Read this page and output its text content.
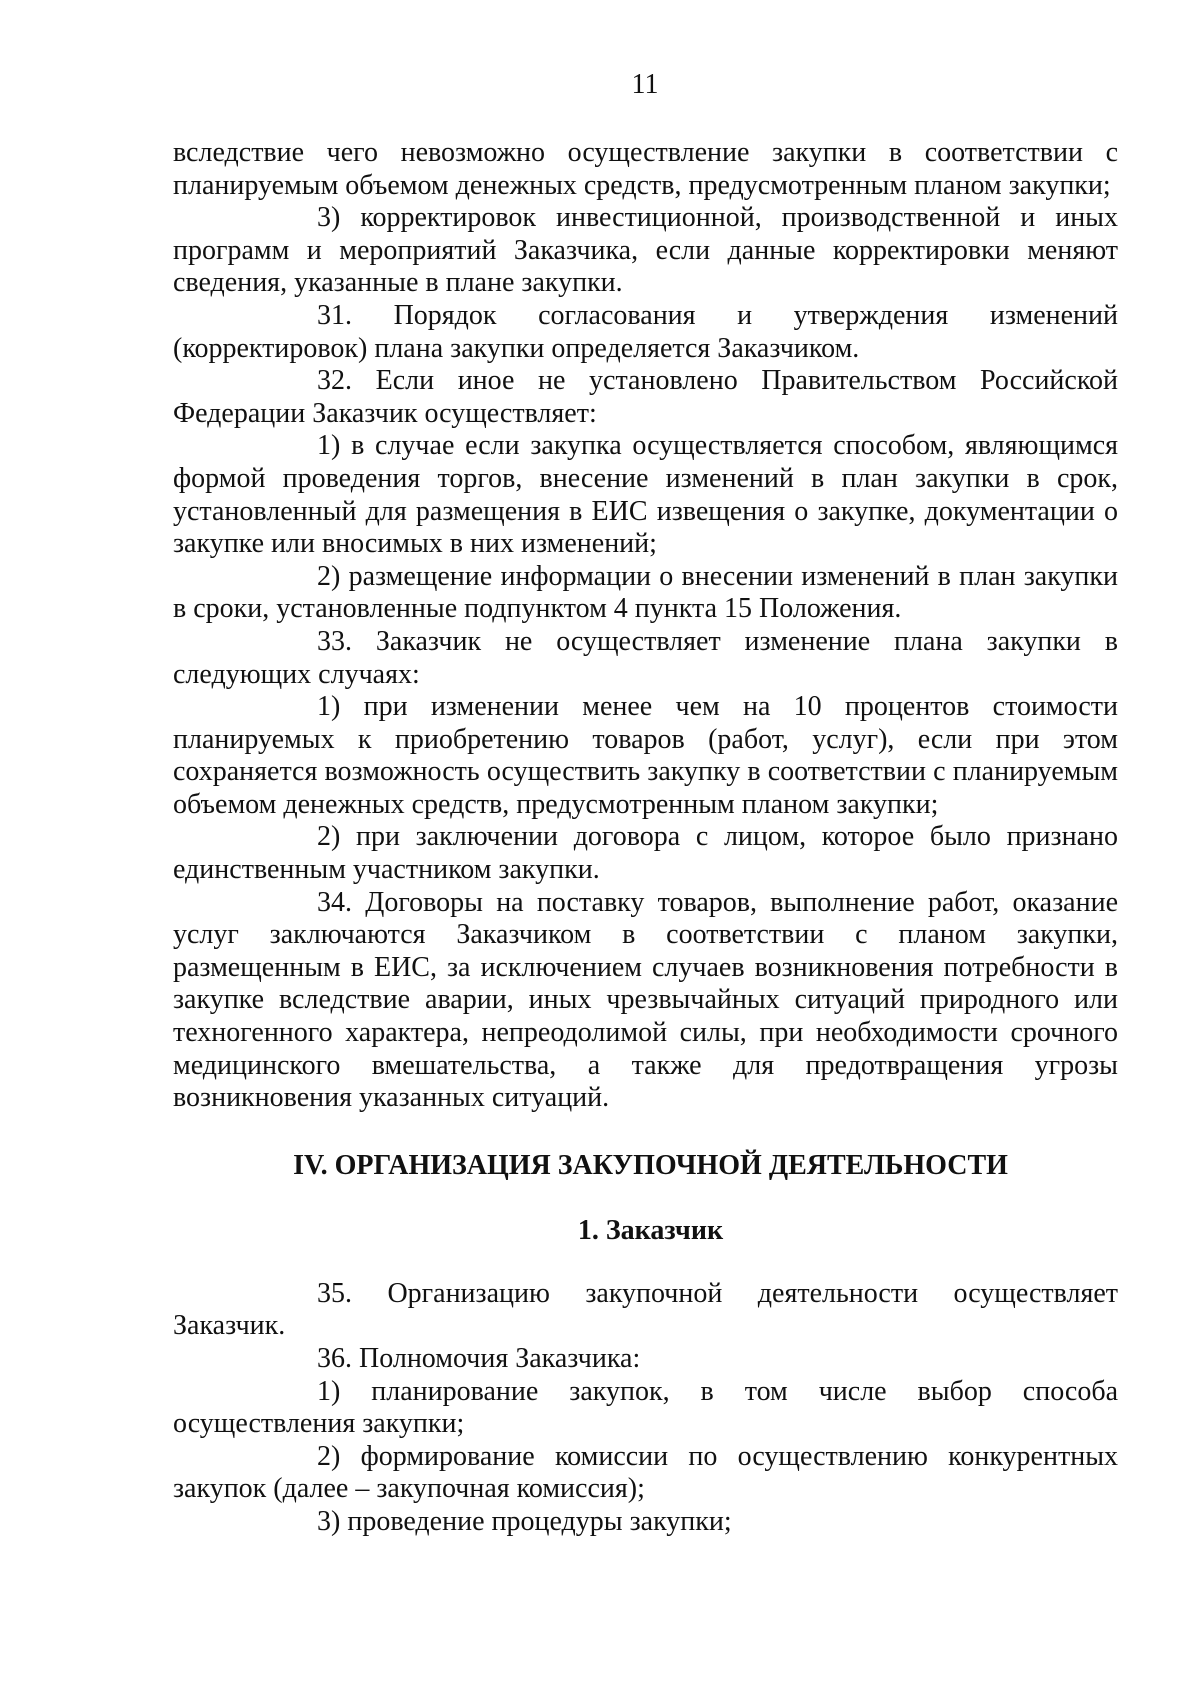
11

вследствие чего невозможно осуществление закупки в соответствии с планируемым объемом денежных средств, предусмотренным планом закупки;

3) корректировок инвестиционной, производственной и иных программ и мероприятий Заказчика, если данные корректировки меняют сведения, указанные в плане закупки.

31. Порядок согласования и утверждения изменений (корректировок) плана закупки определяется Заказчиком.

32. Если иное не установлено Правительством Российской Федерации Заказчик осуществляет:

1) в случае если закупка осуществляется способом, являющимся формой проведения торгов, внесение изменений в план закупки в срок, установленный для размещения в ЕИС извещения о закупке, документации о закупке или вносимых в них изменений;

2) размещение информации о внесении изменений в план закупки в сроки, установленные подпунктом 4 пункта 15 Положения.

33. Заказчик не осуществляет изменение плана закупки в следующих случаях:

1) при изменении менее чем на 10 процентов стоимости планируемых к приобретению товаров (работ, услуг), если при этом сохраняется возможность осуществить закупку в соответствии с планируемым объемом денежных средств, предусмотренным планом закупки;

2) при заключении договора с лицом, которое было признано единственным участником закупки.

34. Договоры на поставку товаров, выполнение работ, оказание услуг заключаются Заказчиком в соответствии с планом закупки, размещенным в ЕИС, за исключением случаев возникновения потребности в закупке вследствие аварии, иных чрезвычайных ситуаций природного или техногенного характера, непреодолимой силы, при необходимости срочного медицинского вмешательства, а также для предотвращения угрозы возникновения указанных ситуаций.

IV. ОРГАНИЗАЦИЯ ЗАКУПОЧНОЙ ДЕЯТЕЛЬНОСТИ
1. Заказчик

35. Организацию закупочной деятельности осуществляет Заказчик.

36. Полномочия Заказчика:

1) планирование закупок, в том числе выбор способа осуществления закупки;

2) формирование комиссии по осуществлению конкурентных закупок (далее – закупочная комиссия);

3) проведение процедуры закупки;
